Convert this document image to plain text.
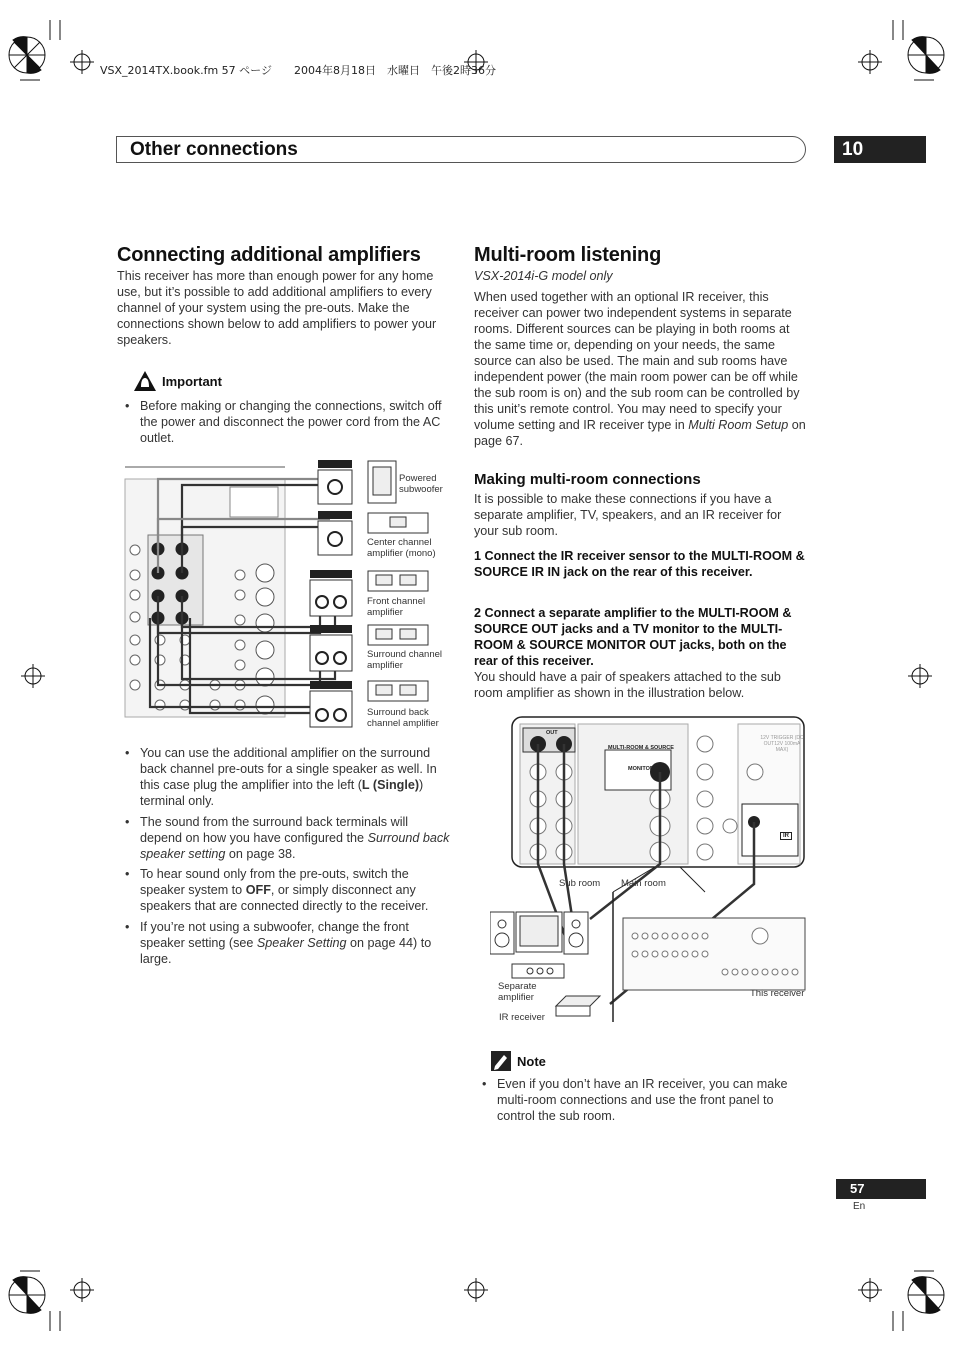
VSX_2014TX.book.fm 57 ページ　　2004年8月18日　水曜日　午後2時36分
Other connections	10
Connecting additional amplifiers

This receiver has more than enough power for any home use, but it’s possible to add additional amplifiers to every channel of your system using the pre-outs. Make the connections shown below to add amplifiers to power your speakers.

Important
• Before making or changing the connections, switch off the power and disconnect the power cord from the AC outlet.
Powered subwoofer
Center channel amplifier (mono)
Front channel amplifier
Surround channel amplifier
Surround back channel amplifier
• You can use the additional amplifier on the surround back channel pre-outs for a single speaker as well. In this case plug the amplifier into the left (L (Single)) terminal only.
• The sound from the surround back terminals will depend on how you have configured the Surround back speaker setting on page 38.
• To hear sound only from the pre-outs, switch the speaker system to OFF, or simply disconnect any speakers that are connected directly to the receiver.
• If you’re not using a subwoofer, change the front speaker setting (see Speaker Setting on page 44) to large.
Multi-room listening

VSX-2014i-G model only

When used together with an optional IR receiver, this receiver can power two independent systems in separate rooms. Different sources can be playing in both rooms at the same time or, depending on your needs, the same source can also be used. The main and sub rooms have independent power (the main room power can be off while the sub room is on) and the sub room can be controlled by this unit’s remote control. You may need to specify your volume setting and IR receiver type in Multi Room Setup on page 67.

Making multi-room connections

It is possible to make these connections if you have a separate amplifier, TV, speakers, and an IR receiver for your sub room.

1 Connect the IR receiver sensor to the MULTI-ROOM & SOURCE IR IN jack on the rear of this receiver.

2 Connect a separate amplifier to the MULTI-ROOM & SOURCE OUT jacks and a TV monitor to the MULTI-ROOM & SOURCE MONITOR OUT jacks, both on the rear of this receiver.

You should have a pair of speakers attached to the sub room amplifier as shown in the illustration below.

Sub room Main room
Separate amplifier
IR receiver
This receiver
MULTI-ROOM & SOURCE
MONITOR OUT
OUT
IR
12V TRIGGER (DC OUT12V 100mA MAX)
Note
• Even if you don’t have an IR receiver, you can make multi-room connections and use the front panel to control the sub room.
57
En
